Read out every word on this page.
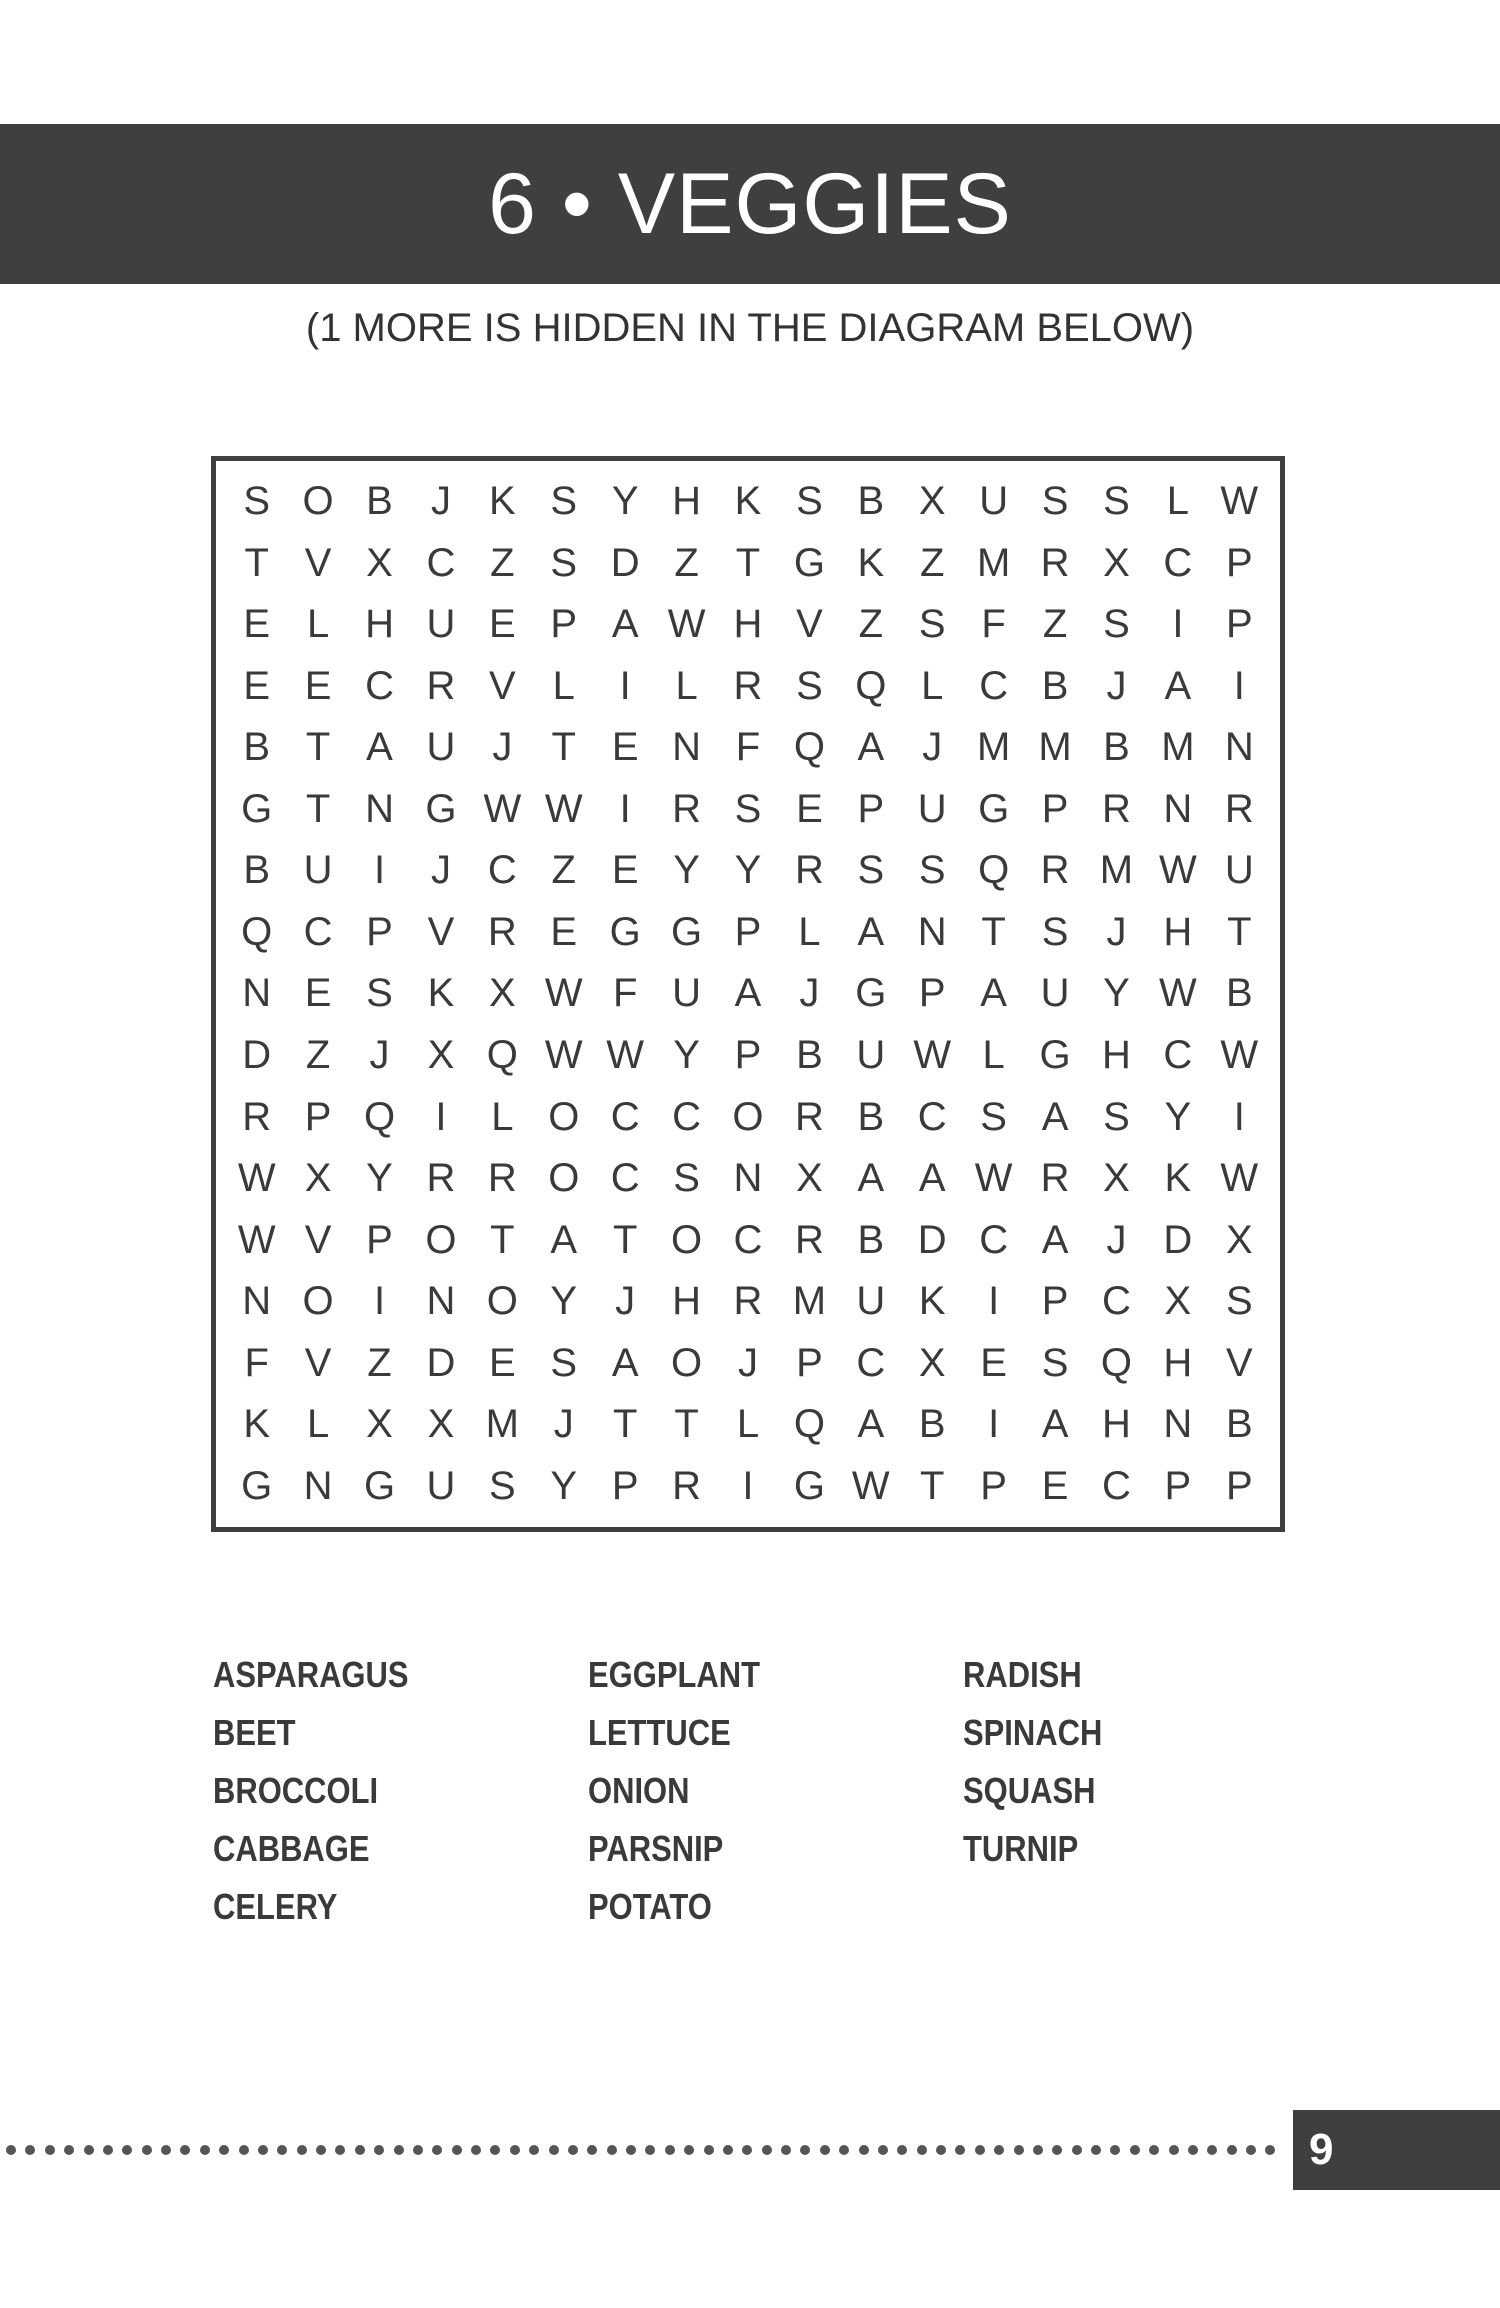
6 • VEGGIES
(1 MORE IS HIDDEN IN THE DIAGRAM BELOW)
S O B J K S Y H K S B X U S S L W
T V X C Z S D Z T G K Z M R X C P
E L H U E P A W H V Z S F Z S	I	P
E E C R V L	I	L R S Q L C B J A	I
B T A U J T E N F Q A J M M B M N
G T N G W W I	R S E P U G P R N R
B U	I	J C Z E Y Y R S S Q R M W U
Q C P V R E G G P L A N T S J H T
N E S K X W F U A J G P A U Y W B
D Z J X Q W W Y P B U W L G H C W
R P Q	I	L O C C O R B C S A S Y	I
W X Y R R O C S N X A A W R X K W
W V P O T A T O C R B D C A J D X
N O	I	N O Y J H R M U K	I	P C X S
F V Z D E S A O J P C X E S Q H V
K L X X M J T T L Q A B	I	A H N B
G N G U S Y P R	I	G W T P E C P P
ASPARAGUS
BEET
BROCCOLI
CABBAGE
CELERY
EGGPLANT
LETTUCE
ONION
PARSNIP
POTATO
RADISH
SPINACH
SQUASH
TURNIP
9
